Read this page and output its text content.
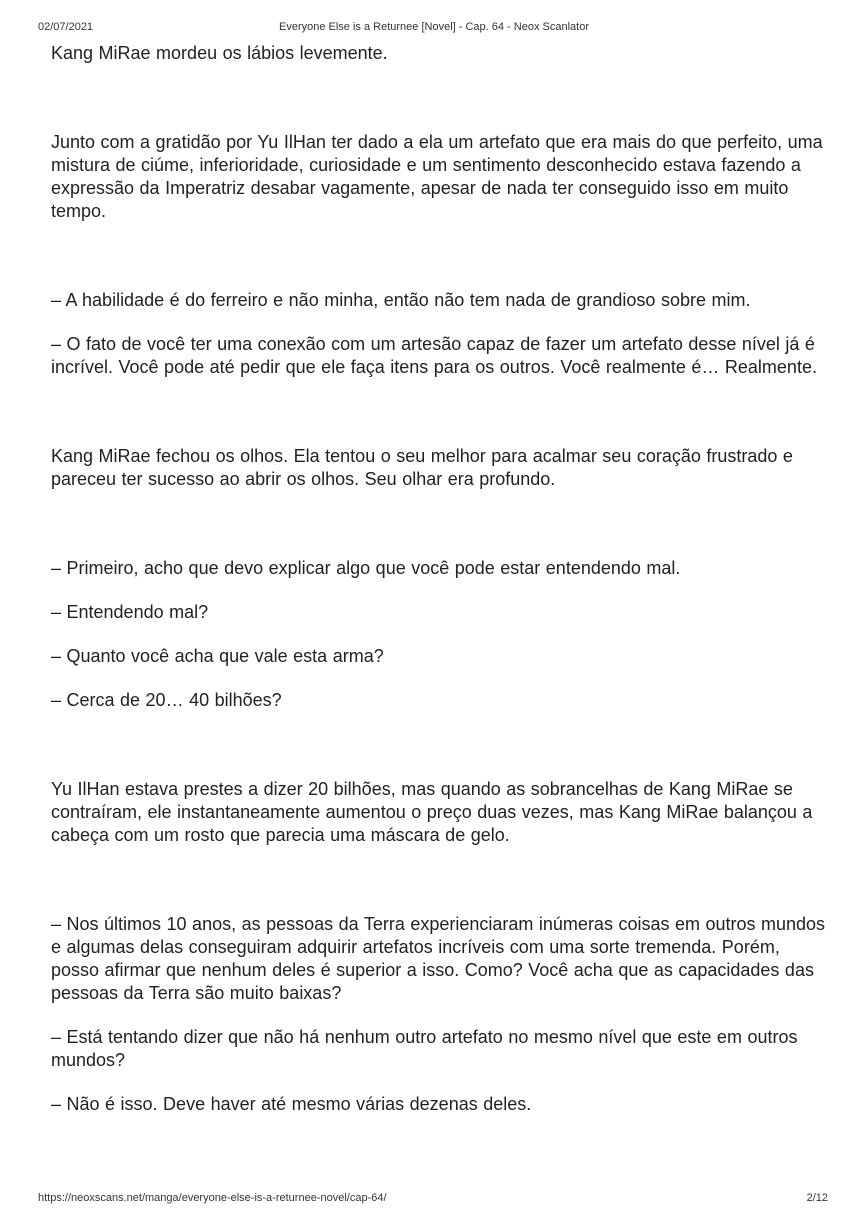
02/07/2021	Everyone Else is a Returnee [Novel] - Cap. 64 - Neox Scanlator

Kang MiRae mordeu os lábios levemente.

Junto com a gratidão por Yu IlHan ter dado a ela um artefato que era mais do que perfeito, uma mistura de ciúme, inferioridade, curiosidade e um sentimento desconhecido estava fazendo a expressão da Imperatriz desabar vagamente, apesar de nada ter conseguido isso em muito tempo.

– A habilidade é do ferreiro e não minha, então não tem nada de grandioso sobre mim.

– O fato de você ter uma conexão com um artesão capaz de fazer um artefato desse nível já é incrível. Você pode até pedir que ele faça itens para os outros. Você realmente é… Realmente.

Kang MiRae fechou os olhos. Ela tentou o seu melhor para acalmar seu coração frustrado e pareceu ter sucesso ao abrir os olhos. Seu olhar era profundo.

– Primeiro, acho que devo explicar algo que você pode estar entendendo mal.

– Entendendo mal?

– Quanto você acha que vale esta arma?

– Cerca de 20… 40 bilhões?

Yu IlHan estava prestes a dizer 20 bilhões, mas quando as sobrancelhas de Kang MiRae se contraíram, ele instantaneamente aumentou o preço duas vezes, mas Kang MiRae balançou a cabeça com um rosto que parecia uma máscara de gelo.

– Nos últimos 10 anos, as pessoas da Terra experienciaram inúmeras coisas em outros mundos e algumas delas conseguiram adquirir artefatos incríveis com uma sorte tremenda. Porém, posso afirmar que nenhum deles é superior a isso. Como? Você acha que as capacidades das pessoas da Terra são muito baixas?

– Está tentando dizer que não há nenhum outro artefato no mesmo nível que este em outros mundos?

– Não é isso. Deve haver até mesmo várias dezenas deles.

https://neoxscans.net/manga/everyone-else-is-a-returnee-novel/cap-64/	2/12
